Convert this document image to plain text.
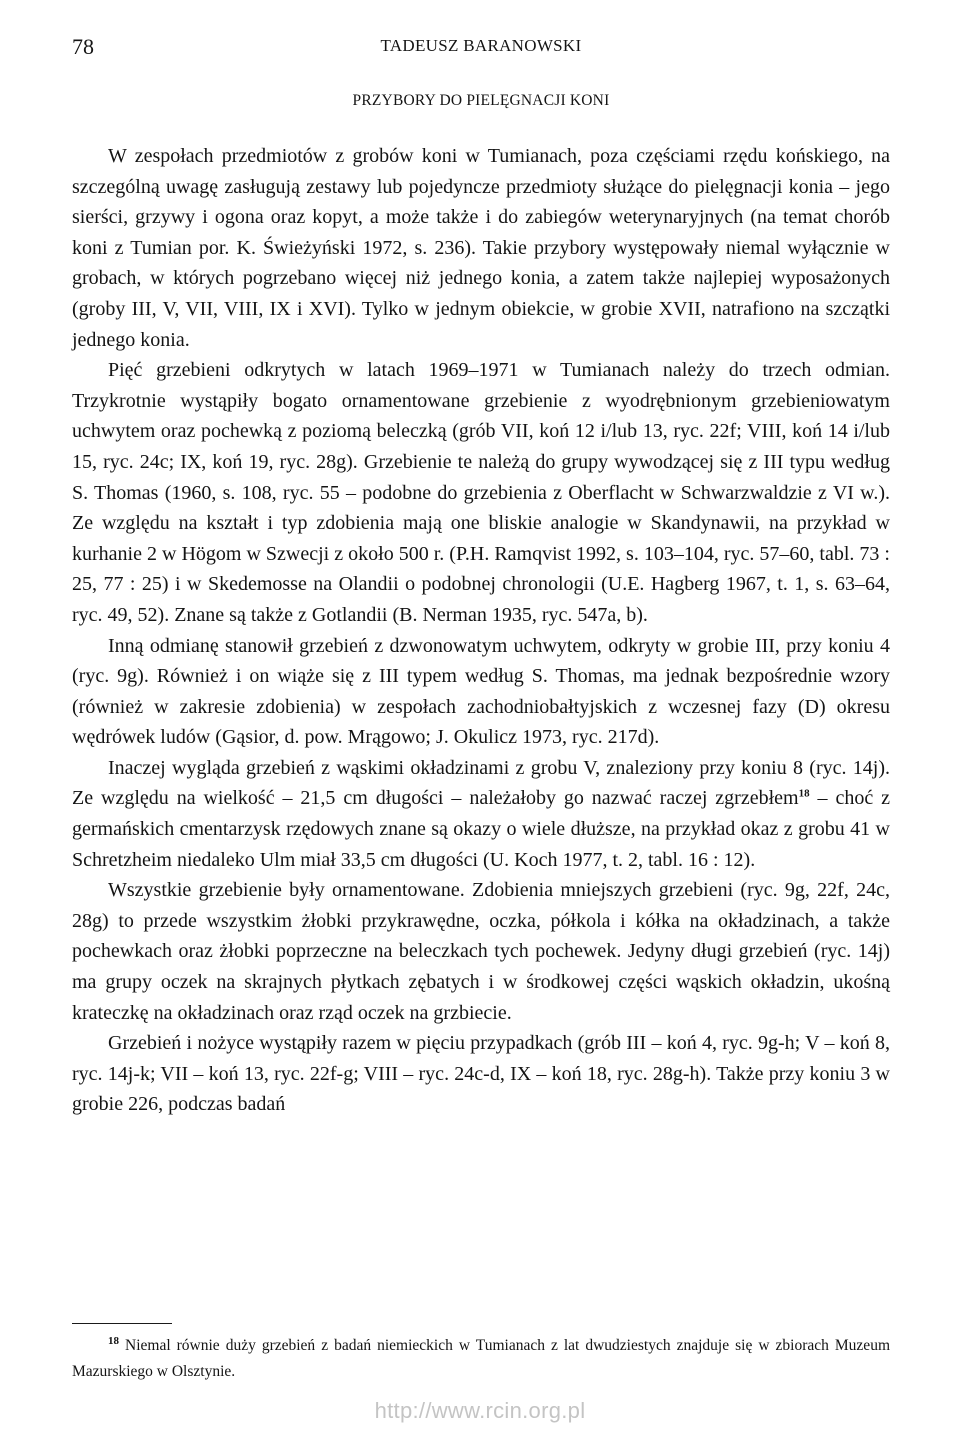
78	TADEUSZ BARANOWSKI
PRZYBORY DO PIELĘGNACJI KONI

W zespołach przedmiotów z grobów koni w Tumianach, poza częściami rzędu końskiego, na szczególną uwagę zasługują zestawy lub pojedyncze przedmioty służące do pielęgnacji konia – jego sierści, grzywy i ogona oraz kopyt, a może także i do zabiegów weterynaryjnych (na temat chorób koni z Tumian por. K. Świeżyński 1972, s. 236). Takie przybory występowały niemal wyłącznie w grobach, w których pogrzebano więcej niż jednego konia, a zatem także najlepiej wyposażonych (groby III, V, VII, VIII, IX i XVI). Tylko w jednym obiekcie, w grobie XVII, natrafiono na szczątki jednego konia.

Pięć grzebieni odkrytych w latach 1969–1971 w Tumianach należy do trzech odmian. Trzykrotnie wystąpiły bogato ornamentowane grzebienie z wyodrębnionym grzebieniowatym uchwytem oraz pochewką z poziomą beleczką (grób VII, koń 12 i/lub 13, ryc. 22f; VIII, koń 14 i/lub 15, ryc. 24c; IX, koń 19, ryc. 28g). Grzebienie te należą do grupy wywodzącej się z III typu według S. Thomas (1960, s. 108, ryc. 55 – podobne do grzebienia z Oberflacht w Schwarzwaldzie z VI w.). Ze względu na kształt i typ zdobienia mają one bliskie analogie w Skandynawii, na przykład w kurhanie 2 w Högom w Szwecji z około 500 r. (P.H. Ramqvist 1992, s. 103–104, ryc. 57–60, tabl. 73 : 25, 77 : 25) i w Skedemosse na Olandii o podobnej chronologii (U.E. Hagberg 1967, t. 1, s. 63–64, ryc. 49, 52). Znane są także z Gotlandii (B. Nerman 1935, ryc. 547a, b).

Inną odmianę stanowił grzebień z dzwonowatym uchwytem, odkryty w grobie III, przy koniu 4 (ryc. 9g). Również i on wiąże się z III typem według S. Thomas, ma jednak bezpośrednie wzory (również w zakresie zdobienia) w zespołach zachodniobałtyjskich z wczesnej fazy (D) okresu wędrówek ludów (Gąsior, d. pow. Mrągowo; J. Okulicz 1973, ryc. 217d).

Inaczej wygląda grzebień z wąskimi okładzinami z grobu V, znaleziony przy koniu 8 (ryc. 14j). Ze względu na wielkość – 21,5 cm długości – należałoby go nazwać raczej zgrzebłem$^{18}$ – choć z germańskich cmentarzysk rzędowych znane są okazy o wiele dłuższe, na przykład okaz z grobu 41 w Schretzheim niedaleko Ulm miał 33,5 cm długości (U. Koch 1977, t. 2, tabl. 16 : 12).

Wszystkie grzebienie były ornamentowane. Zdobienia mniejszych grzebieni (ryc. 9g, 22f, 24c, 28g) to przede wszystkim żłobki przykrawędne, oczka, półkola i kółka na okładzinach, a także pochewkach oraz żłobki poprzeczne na beleczkach tych pochewek. Jedyny długi grzebień (ryc. 14j) ma grupy oczek na skrajnych płytkach zębatych i w środkowej części wąskich okładzin, ukośną krateczkę na okładzinach oraz rząd oczek na grzbiecie.

Grzebień i nożyce wystąpiły razem w pięciu przypadkach (grób III – koń 4, ryc. 9g-h; V – koń 8, ryc. 14j-k; VII – koń 13, ryc. 22f-g; VIII – ryc. 24c-d, IX – koń 18, ryc. 28g-h). Także przy koniu 3 w grobie 226, podczas badań

$^{18}$ Niemal równie duży grzebień z badań niemieckich w Tumianach z lat dwudziestych znajduje się w zbiorach Muzeum Mazurskiego w Olsztynie.

http://www.rcin.org.pl
